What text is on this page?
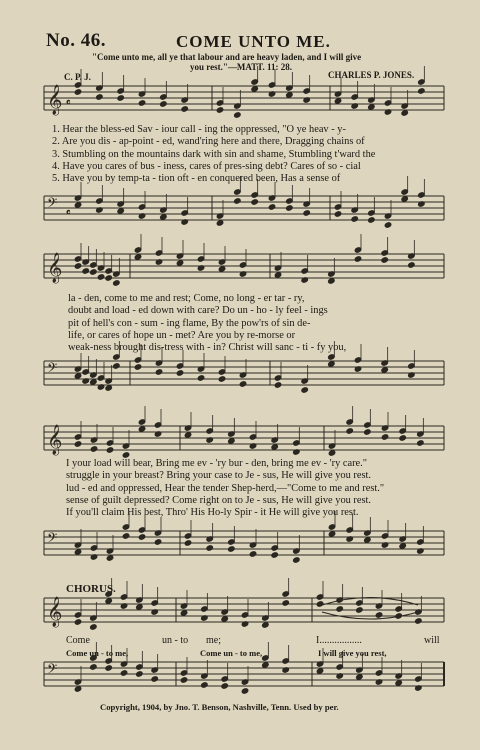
No. 46.	COME UNTO ME.
"Come unto me, all ye that labour and are heavy laden, and I will give
you rest."—MATT. 11: 28.
C. P. J.	CHARLES P. JONES.
𝄞 𝄴
𝄢 𝄴
𝄞
𝄢
𝄞
𝄢
𝄞
𝄢
1. Hear the bless-ed Sav - iour call - ing the oppressed, "O ye heav - y-
2. Are you dis - ap-point - ed, wand'ring here and there, Dragging chains of
3. Stumbling on the mountains dark with sin and shame, Stumbling t'ward the
4. Have you cares of bus - iness, cares of pres-sing debt? Cares of so - cial
5. Have you by temp-ta - tion oft - en conquered been, Has a sense of
la - den, come to me and rest; Come, no long - er tar - ry,
doubt and load - ed down with care? Do un - ho - ly feel - ings
pit of hell's con - sum - ing flame, By the pow'rs of sin de-
life, or cares of hope un - met? Are you by re-morse or
weak-ness brought dis-tress with - in? Christ will sanc - ti - fy you,
I your load will bear, Bring me ev - 'ry bur - den, bring me ev - 'ry care."
struggle in your breast? Bring your case to Je - sus, He will give you rest.
lud - ed and oppressed, Hear the tender Shep-herd,—"Come to me and rest."
sense of guilt depressed? Come right on to Je - sus, He will give you rest.
If you'll claim His best, Thro' His Ho-ly Spir - it He will give you rest.
CHORUS.
Come	un - to me;	I.................	will
Come un - to me,	Come un - to me,	I will give you rest,
Copyright, 1904, by Jno. T. Benson, Nashville, Tenn. Used by per.
